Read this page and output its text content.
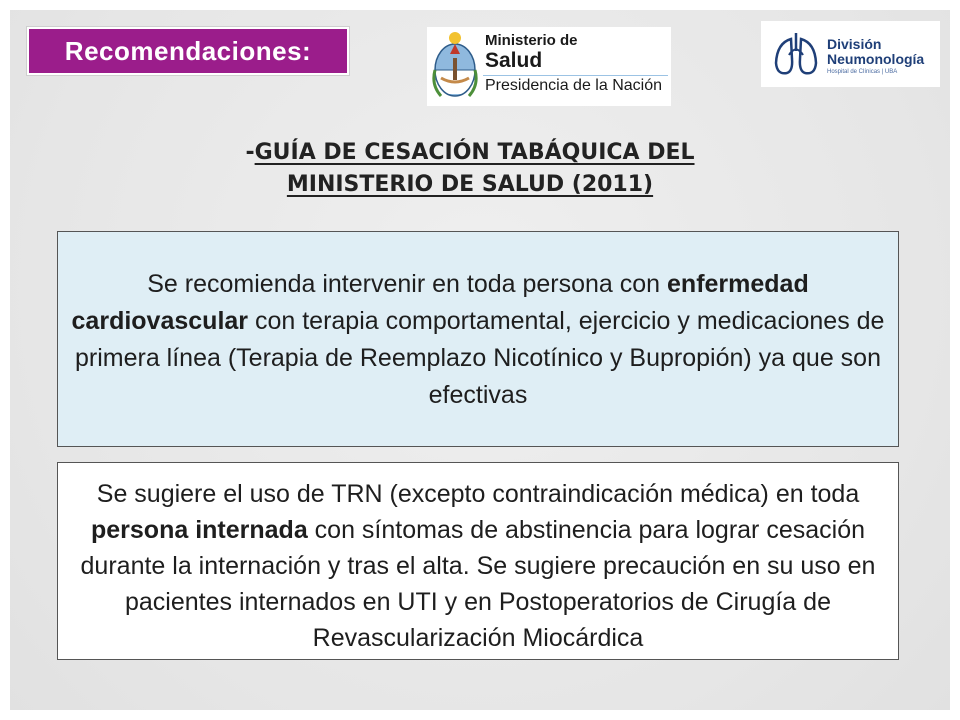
Recomendaciones:	Ministerio de
Salud
Presidencia de la Nación
División
Neumonología
Hospital de Clínicas | UBA
-GUÍA DE CESACIÓN TABÁQUICA DEL
MINISTERIO DE SALUD (2011)
Se recomienda intervenir en toda persona con enfermedad cardiovascular con terapia comportamental, ejercicio y medicaciones de primera línea (Terapia de Reemplazo Nicotínico y Bupropión) ya que son efectivas
Se sugiere el uso de TRN (excepto contraindicación médica) en toda persona internada con síntomas de abstinencia para lograr cesación durante la internación y tras el alta. Se sugiere precaución en su uso en pacientes internados en UTI y en Postoperatorios de Cirugía de Revascularización Miocárdica
